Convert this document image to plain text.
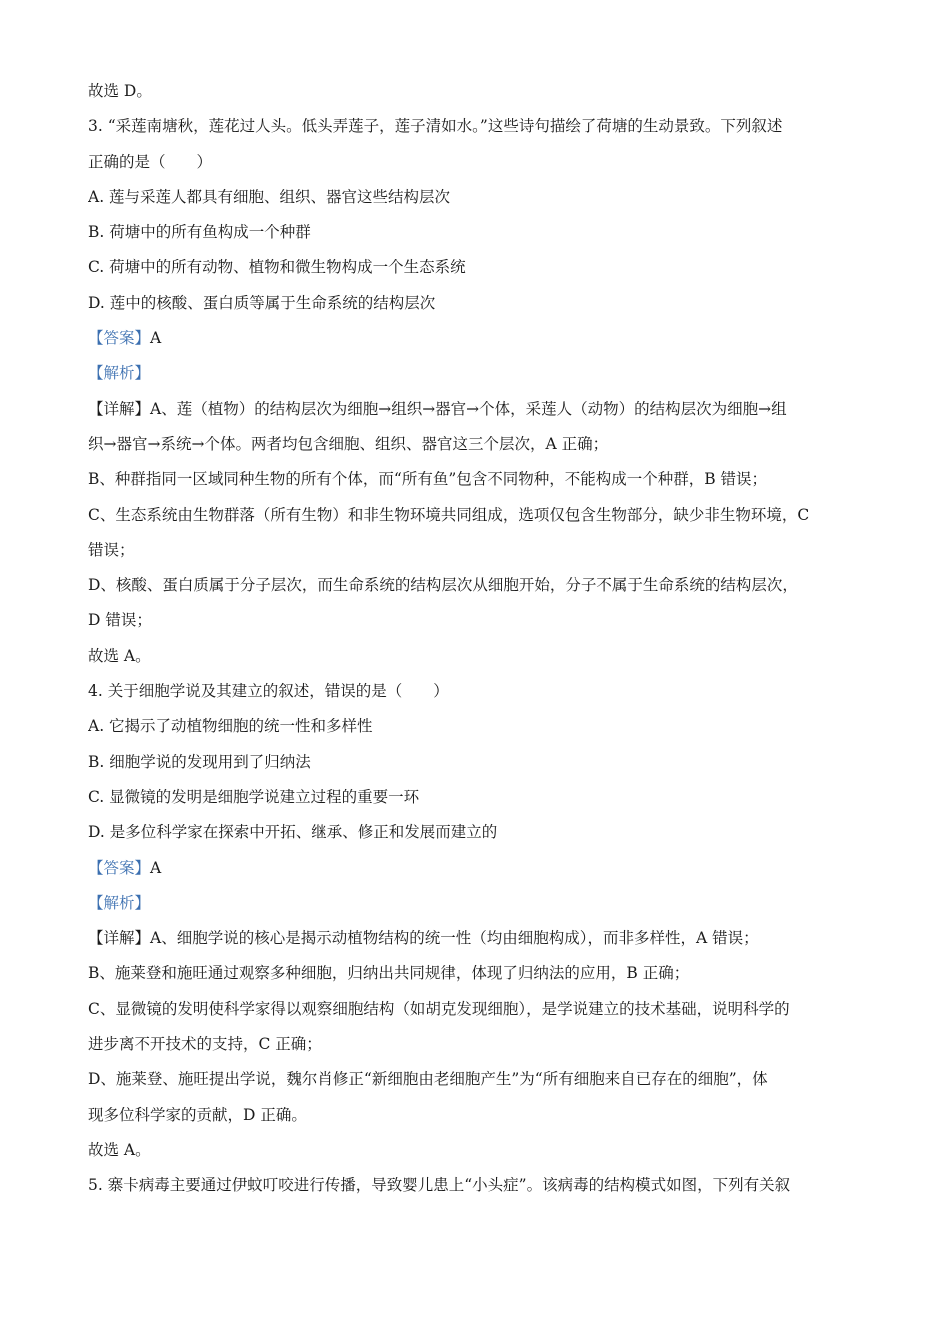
故选 D。
3. “采莲南塘秋，莲花过人头。低头弄莲子，莲子清如水。”这些诗句描绘了荷塘的生动景致。下列叙述
正确的是（　　）
A. 莲与采莲人都具有细胞、组织、器官这些结构层次
B. 荷塘中的所有鱼构成一个种群
C. 荷塘中的所有动物、植物和微生物构成一个生态系统
D. 莲中的核酸、蛋白质等属于生命系统的结构层次
【答案】A
【解析】
【详解】A、莲（植物）的结构层次为细胞→组织→器官→个体，采莲人（动物）的结构层次为细胞→组
织→器官→系统→个体。两者均包含细胞、组织、器官这三个层次，A 正确；
B、种群指同一区域同种生物的所有个体，而“所有鱼”包含不同物种，不能构成一个种群，B 错误；
C、生态系统由生物群落（所有生物）和非生物环境共同组成，选项仅包含生物部分，缺少非生物环境，C
错误；
D、核酸、蛋白质属于分子层次，而生命系统的结构层次从细胞开始，分子不属于生命系统的结构层次，
D 错误；
故选 A。
4. 关于细胞学说及其建立的叙述，错误的是（　　）
A. 它揭示了动植物细胞的统一性和多样性
B. 细胞学说的发现用到了归纳法
C. 显微镜的发明是细胞学说建立过程的重要一环
D. 是多位科学家在探索中开拓、继承、修正和发展而建立的
【答案】A
【解析】
【详解】A、细胞学说的核心是揭示动植物结构的统一性（均由细胞构成），而非多样性，A 错误；
B、施莱登和施旺通过观察多种细胞，归纳出共同规律，体现了归纳法的应用，B 正确；
C、显微镜的发明使科学家得以观察细胞结构（如胡克发现细胞），是学说建立的技术基础，说明科学的
进步离不开技术的支持，C 正确；
D、施莱登、施旺提出学说，魏尔肖修正“新细胞由老细胞产生”为“所有细胞来自已存在的细胞”，体
现多位科学家的贡献，D 正确。
故选 A。
5. 寨卡病毒主要通过伊蚊叮咬进行传播，导致婴儿患上“小头症”。该病毒的结构模式如图，下列有关叙
